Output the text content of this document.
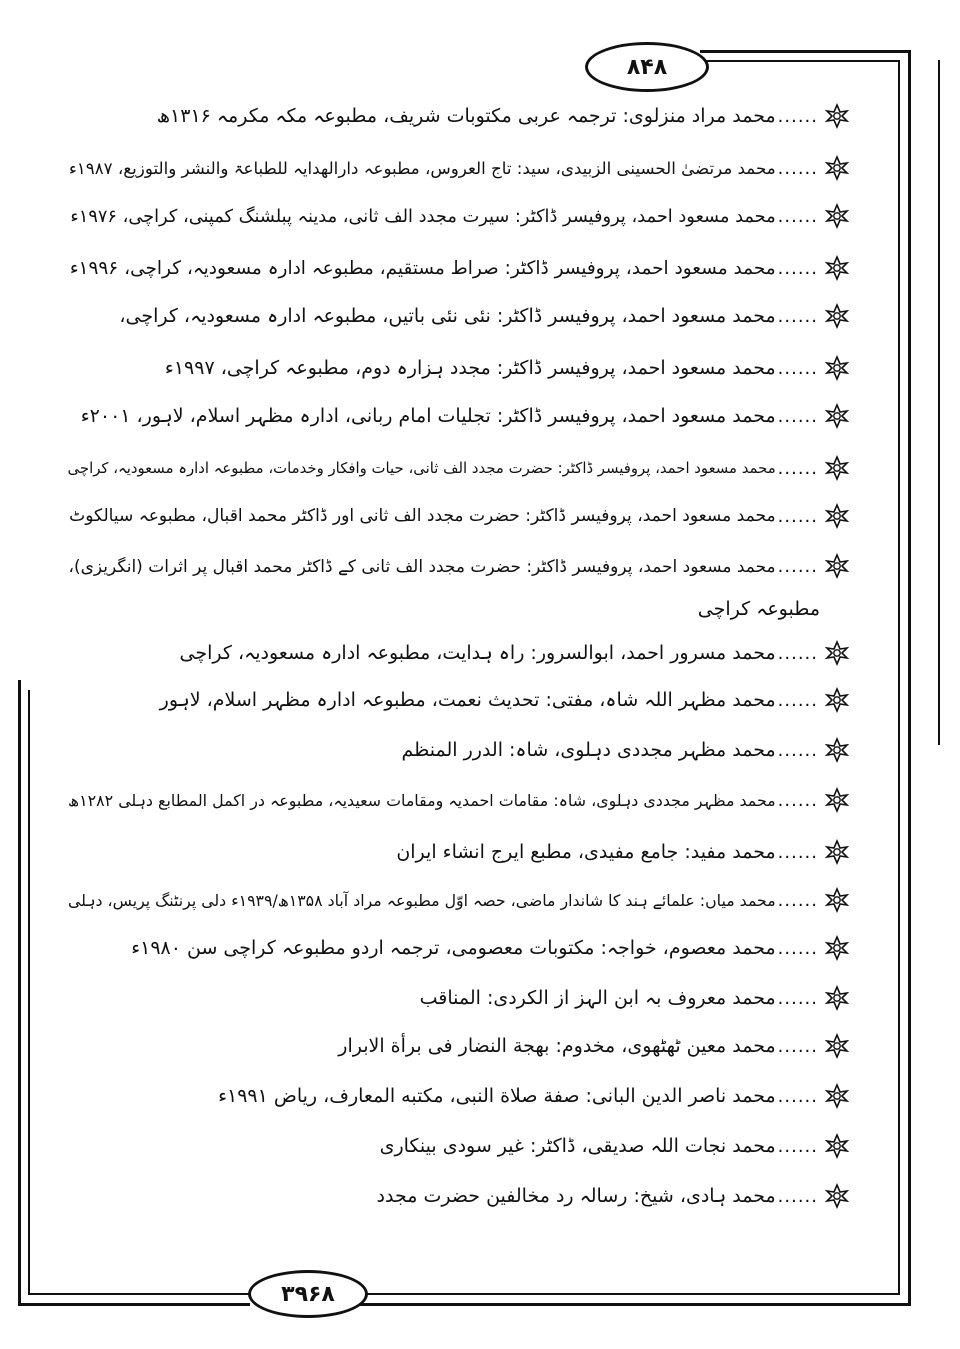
۸۴۸
۳۹۶۸
......
محمد مراد منزلوی: ترجمہ عربی مکتوبات شریف، مطبوعہ مکہ مکرمہ ۱۳۱۶ھ
......
محمد مرتضیٰ الحسینی الزبیدی، سید: تاج العروس، مطبوعہ دارالھدایہ للطباعۃ والنشر والتوزیع، ۱۹۸۷ء
......
محمد مسعود احمد، پروفیسر ڈاکٹر: سیرت مجدد الف ثانی، مدینہ پبلشنگ کمپنی، کراچی، ۱۹۷۶ء
......
محمد مسعود احمد، پروفیسر ڈاکٹر: صراط مستقیم، مطبوعہ ادارہ مسعودیہ، کراچی، ۱۹۹۶ء
......
محمد مسعود احمد، پروفیسر ڈاکٹر: نئی نئی باتیں، مطبوعہ ادارہ مسعودیہ، کراچی،
......
محمد مسعود احمد، پروفیسر ڈاکٹر: مجدد ہزارہ دوم، مطبوعہ کراچی، ۱۹۹۷ء
......
محمد مسعود احمد، پروفیسر ڈاکٹر: تجلیات امام ربانی، ادارہ مظہر اسلام، لاہور، ۲۰۰۱ء
......
محمد مسعود احمد، پروفیسر ڈاکٹر: حضرت مجدد الف ثانی، حیات وافکار وخدمات، مطبوعہ ادارہ مسعودیہ، کراچی
......
محمد مسعود احمد، پروفیسر ڈاکٹر: حضرت مجدد الف ثانی اور ڈاکٹر محمد اقبال، مطبوعہ سیالکوٹ
......
محمد مسعود احمد، پروفیسر ڈاکٹر: حضرت مجدد الف ثانی کے ڈاکٹر محمد اقبال پر اثرات (انگریزی)،
......
محمد مسرور احمد، ابوالسرور: راہ ہدایت، مطبوعہ ادارہ مسعودیہ، کراچی
......
محمد مظہر اللہ شاہ، مفتی: تحدیث نعمت، مطبوعہ ادارہ مظہر اسلام، لاہور
......
محمد مظہر مجددی دہلوی، شاہ: الدرر المنظم
......
محمد مظہر مجددی دہلوی، شاہ: مقامات احمدیہ ومقامات سعیدیہ، مطبوعہ در اکمل المطابع دہلی ۱۲۸۲ھ
......
محمد مفید: جامع مفیدی، مطبع ایرج انشاء ایران
......
محمد میاں: علمائے ہند کا شاندار ماضی، حصہ اوّل مطبوعہ مراد آباد ۱۳۵۸ھ/۱۹۳۹ء دلی پرنٹنگ پریس، دہلی
......
محمد معصوم، خواجہ: مکتوبات معصومی، ترجمہ اردو مطبوعہ کراچی سن ۱۹۸۰ء
......
محمد معروف بہ ابن الہز از الکردی: المناقب
......
محمد معین ٹھٹھوی، مخدوم: بھجة النضار فی برأة الابرار
......
محمد ناصر الدین البانی: صفة صلاة النبی، مکتبه المعارف، ریاض ۱۹۹۱ء
......
محمد نجات اللہ صدیقی، ڈاکٹر: غیر سودی بینکاری
......
محمد ہادی، شیخ: رسالہ رد مخالفین حضرت مجدد
مطبوعہ کراچی
